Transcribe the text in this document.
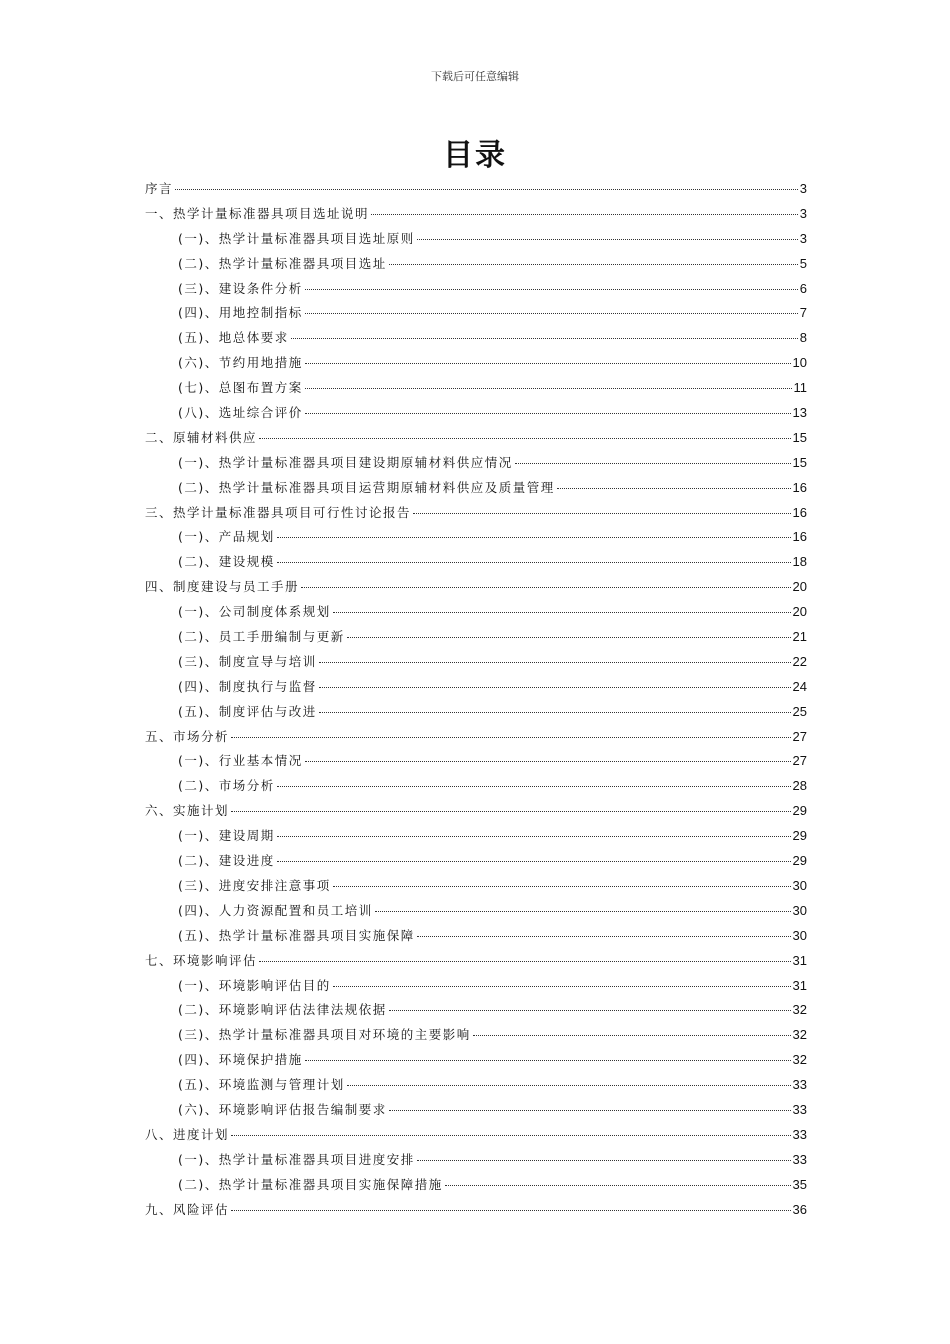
下载后可任意编辑
目录
序言	3
一、热学计量标准器具项目选址说明	3
(一)、热学计量标准器具项目选址原则	3
(二)、热学计量标准器具项目选址	5
(三)、建设条件分析	6
(四)、用地控制指标	7
(五)、地总体要求	8
(六)、节约用地措施	10
(七)、总图布置方案	11
(八)、选址综合评价	13
二、原辅材料供应	15
(一)、热学计量标准器具项目建设期原辅材料供应情况	15
(二)、热学计量标准器具项目运营期原辅材料供应及质量管理	16
三、热学计量标准器具项目可行性讨论报告	16
(一)、产品规划	16
(二)、建设规模	18
四、制度建设与员工手册	20
(一)、公司制度体系规划	20
(二)、员工手册编制与更新	21
(三)、制度宣导与培训	22
(四)、制度执行与监督	24
(五)、制度评估与改进	25
五、市场分析	27
(一)、行业基本情况	27
(二)、市场分析	28
六、实施计划	29
(一)、建设周期	29
(二)、建设进度	29
(三)、进度安排注意事项	30
(四)、人力资源配置和员工培训	30
(五)、热学计量标准器具项目实施保障	30
七、环境影响评估	31
(一)、环境影响评估目的	31
(二)、环境影响评估法律法规依据	32
(三)、热学计量标准器具项目对环境的主要影响	32
(四)、环境保护措施	32
(五)、环境监测与管理计划	33
(六)、环境影响评估报告编制要求	33
八、进度计划	33
(一)、热学计量标准器具项目进度安排	33
(二)、热学计量标准器具项目实施保障措施	35
九、风险评估	36
